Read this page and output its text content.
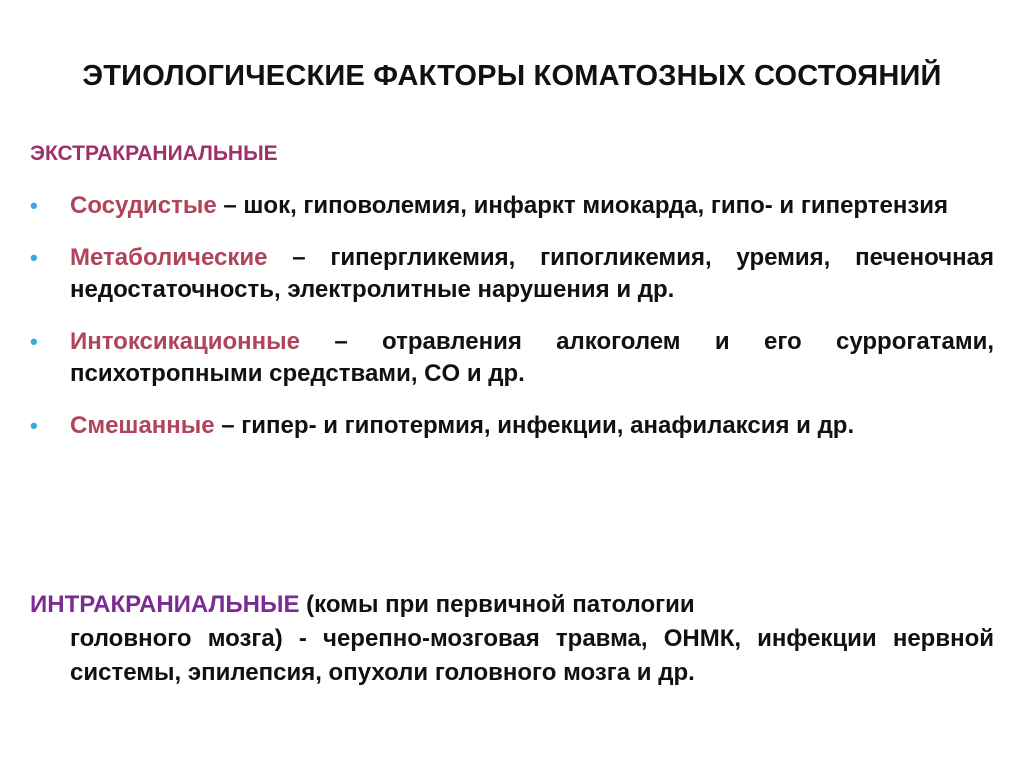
ЭТИОЛОГИЧЕСКИЕ ФАКТОРЫ КОМАТОЗНЫХ СОСТОЯНИЙ
ЭКСТРАКРАНИАЛЬНЫЕ
• Сосудистые – шок, гиповолемия, инфаркт миокарда, гипо- и гипертензия
• Метаболические – гипергликемия, гипогликемия, уремия, печеночная недостаточность, электролитные нарушения и др.
• Интоксикационные – отравления алкоголем и его суррогатами, психотропными средствами, CO и др.
• Смешанные – гипер- и гипотермия, инфекции, анафилаксия и др.
ИНТРАКРАНИАЛЬНЫЕ (комы при первичной патологии
головного мозга) - черепно-мозговая травма, ОНМК, инфекции нервной системы, эпилепсия, опухоли головного мозга и др.
